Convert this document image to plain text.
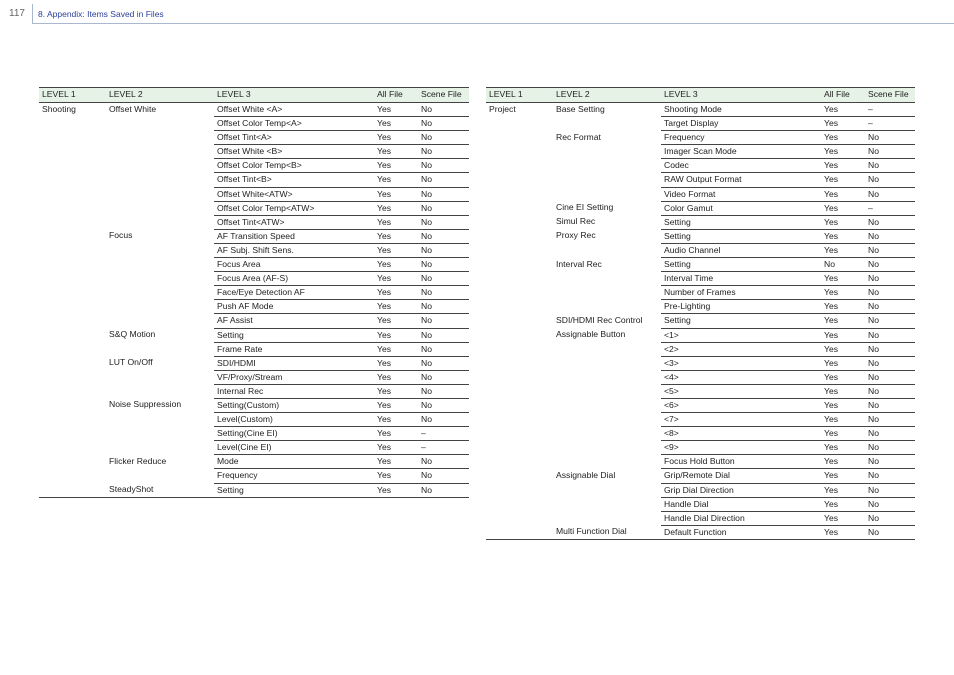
117 8. Appendix: Items Saved in Files
LEVEL 1	LEVEL 2	LEVEL 3	All File	Scene File
Shooting	Offset White	Offset White <A>	Yes	No
		Offset Color Temp<A>	Yes	No
		Offset Tint<A>	Yes	No
		Offset White <B>	Yes	No
		Offset Color Temp<B>	Yes	No
		Offset Tint<B>	Yes	No
		Offset White<ATW>	Yes	No
		Offset Color Temp<ATW>	Yes	No
		Offset Tint<ATW>	Yes	No
	Focus	AF Transition Speed	Yes	No
		AF Subj. Shift Sens.	Yes	No
		Focus Area	Yes	No
		Focus Area (AF-S)	Yes	No
		Face/Eye Detection AF	Yes	No
		Push AF Mode	Yes	No
		AF Assist	Yes	No
	S&Q Motion	Setting	Yes	No
		Frame Rate	Yes	No
	LUT On/Off	SDI/HDMI	Yes	No
		VF/Proxy/Stream	Yes	No
		Internal Rec	Yes	No
	Noise Suppression	Setting(Custom)	Yes	No
		Level(Custom)	Yes	No
		Setting(Cine EI)	Yes	–
		Level(Cine EI)	Yes	–
	Flicker Reduce	Mode	Yes	No
		Frequency	Yes	No
	SteadyShot	Setting	Yes	No
LEVEL 1	LEVEL 2	LEVEL 3	All File	Scene File
Project	Base Setting	Shooting Mode	Yes	–
		Target Display	Yes	–
	Rec Format	Frequency	Yes	No
		Imager Scan Mode	Yes	No
		Codec	Yes	No
		RAW Output Format	Yes	No
		Video Format	Yes	No
	Cine EI Setting	Color Gamut	Yes	–
	Simul Rec	Setting	Yes	No
	Proxy Rec	Setting	Yes	No
		Audio Channel	Yes	No
	Interval Rec	Setting	No	No
		Interval Time	Yes	No
		Number of Frames	Yes	No
		Pre-Lighting	Yes	No
	SDI/HDMI Rec Control	Setting	Yes	No
	Assignable Button	<1>	Yes	No
		<2>	Yes	No
		<3>	Yes	No
		<4>	Yes	No
		<5>	Yes	No
		<6>	Yes	No
		<7>	Yes	No
		<8>	Yes	No
		<9>	Yes	No
		Focus Hold Button	Yes	No
	Assignable Dial	Grip/Remote Dial	Yes	No
		Grip Dial Direction	Yes	No
		Handle Dial	Yes	No
		Handle Dial Direction	Yes	No
	Multi Function Dial	Default Function	Yes	No
